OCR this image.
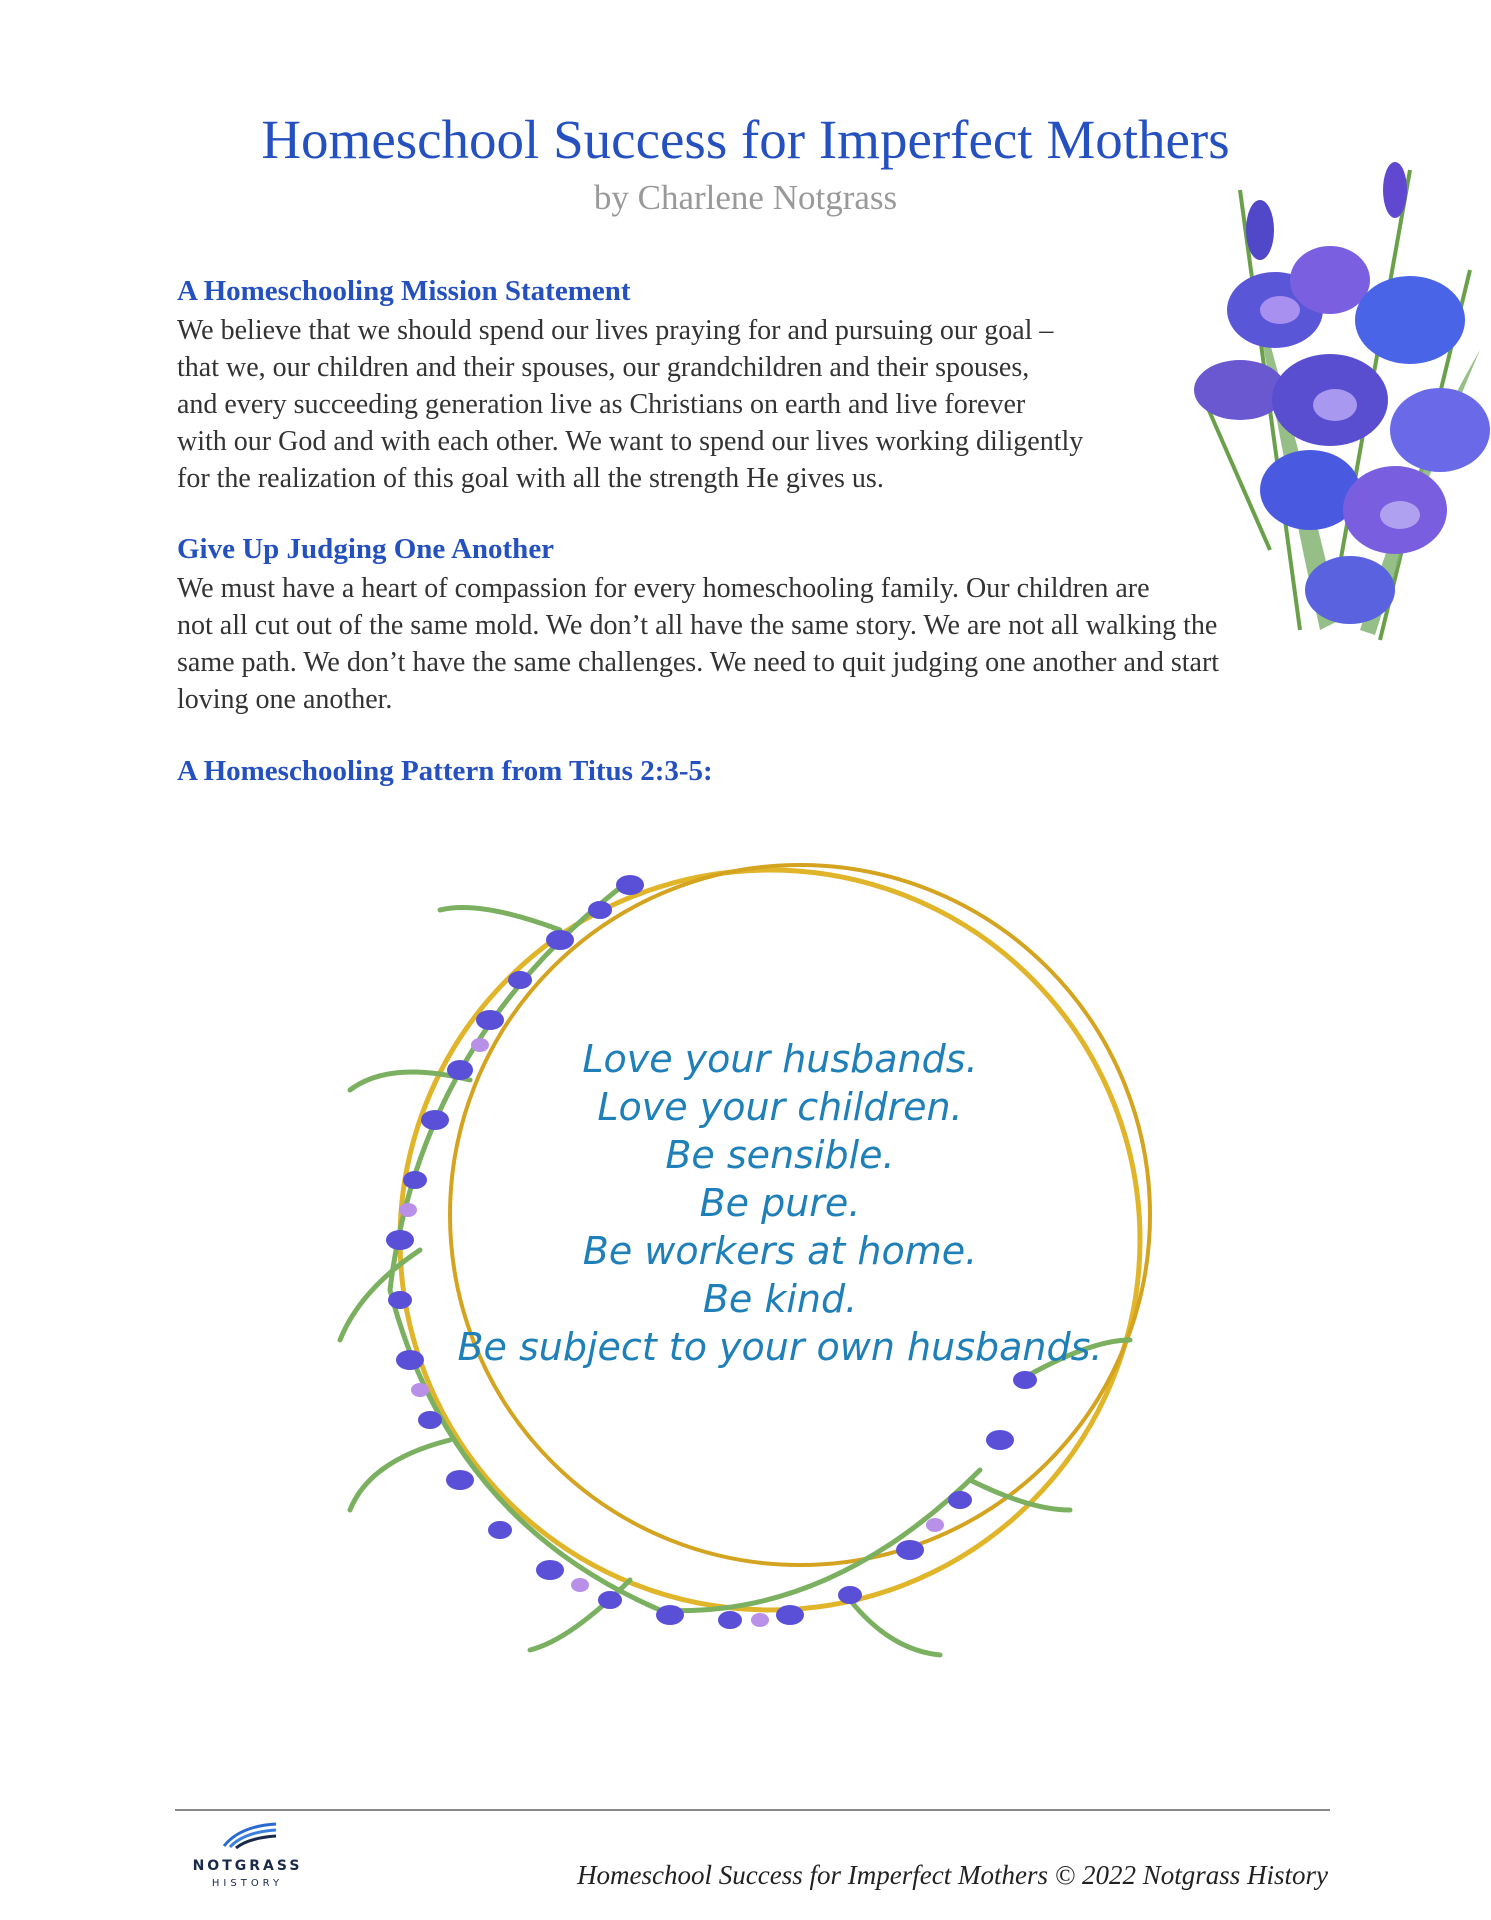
Homeschool Success for Imperfect Mothers
by Charlene Notgrass
A Homeschooling Mission Statement

We believe that we should spend our lives praying for and pursuing our goal –
that we, our children and their spouses, our grandchildren and their spouses,
and every succeeding generation live as Christians on earth and live forever
with our God and with each other. We want to spend our lives working diligently
for the realization of this goal with all the strength He gives us.

Give Up Judging One Another

We must have a heart of compassion for every homeschooling family. Our children are
not all cut out of the same mold. We don’t all have the same story. We are not all walking the
same path. We don’t have the same challenges. We need to quit judging one another and start
loving one another.

A Homeschooling Pattern from Titus 2:3-5:
Love your husbands.
Love your children.
Be sensible.
Be pure.
Be workers at home.
Be kind.
Be subject to your own husbands.
NOTGRASS
HISTORY	Homeschool Success for Imperfect Mothers © 2022 Notgrass History
